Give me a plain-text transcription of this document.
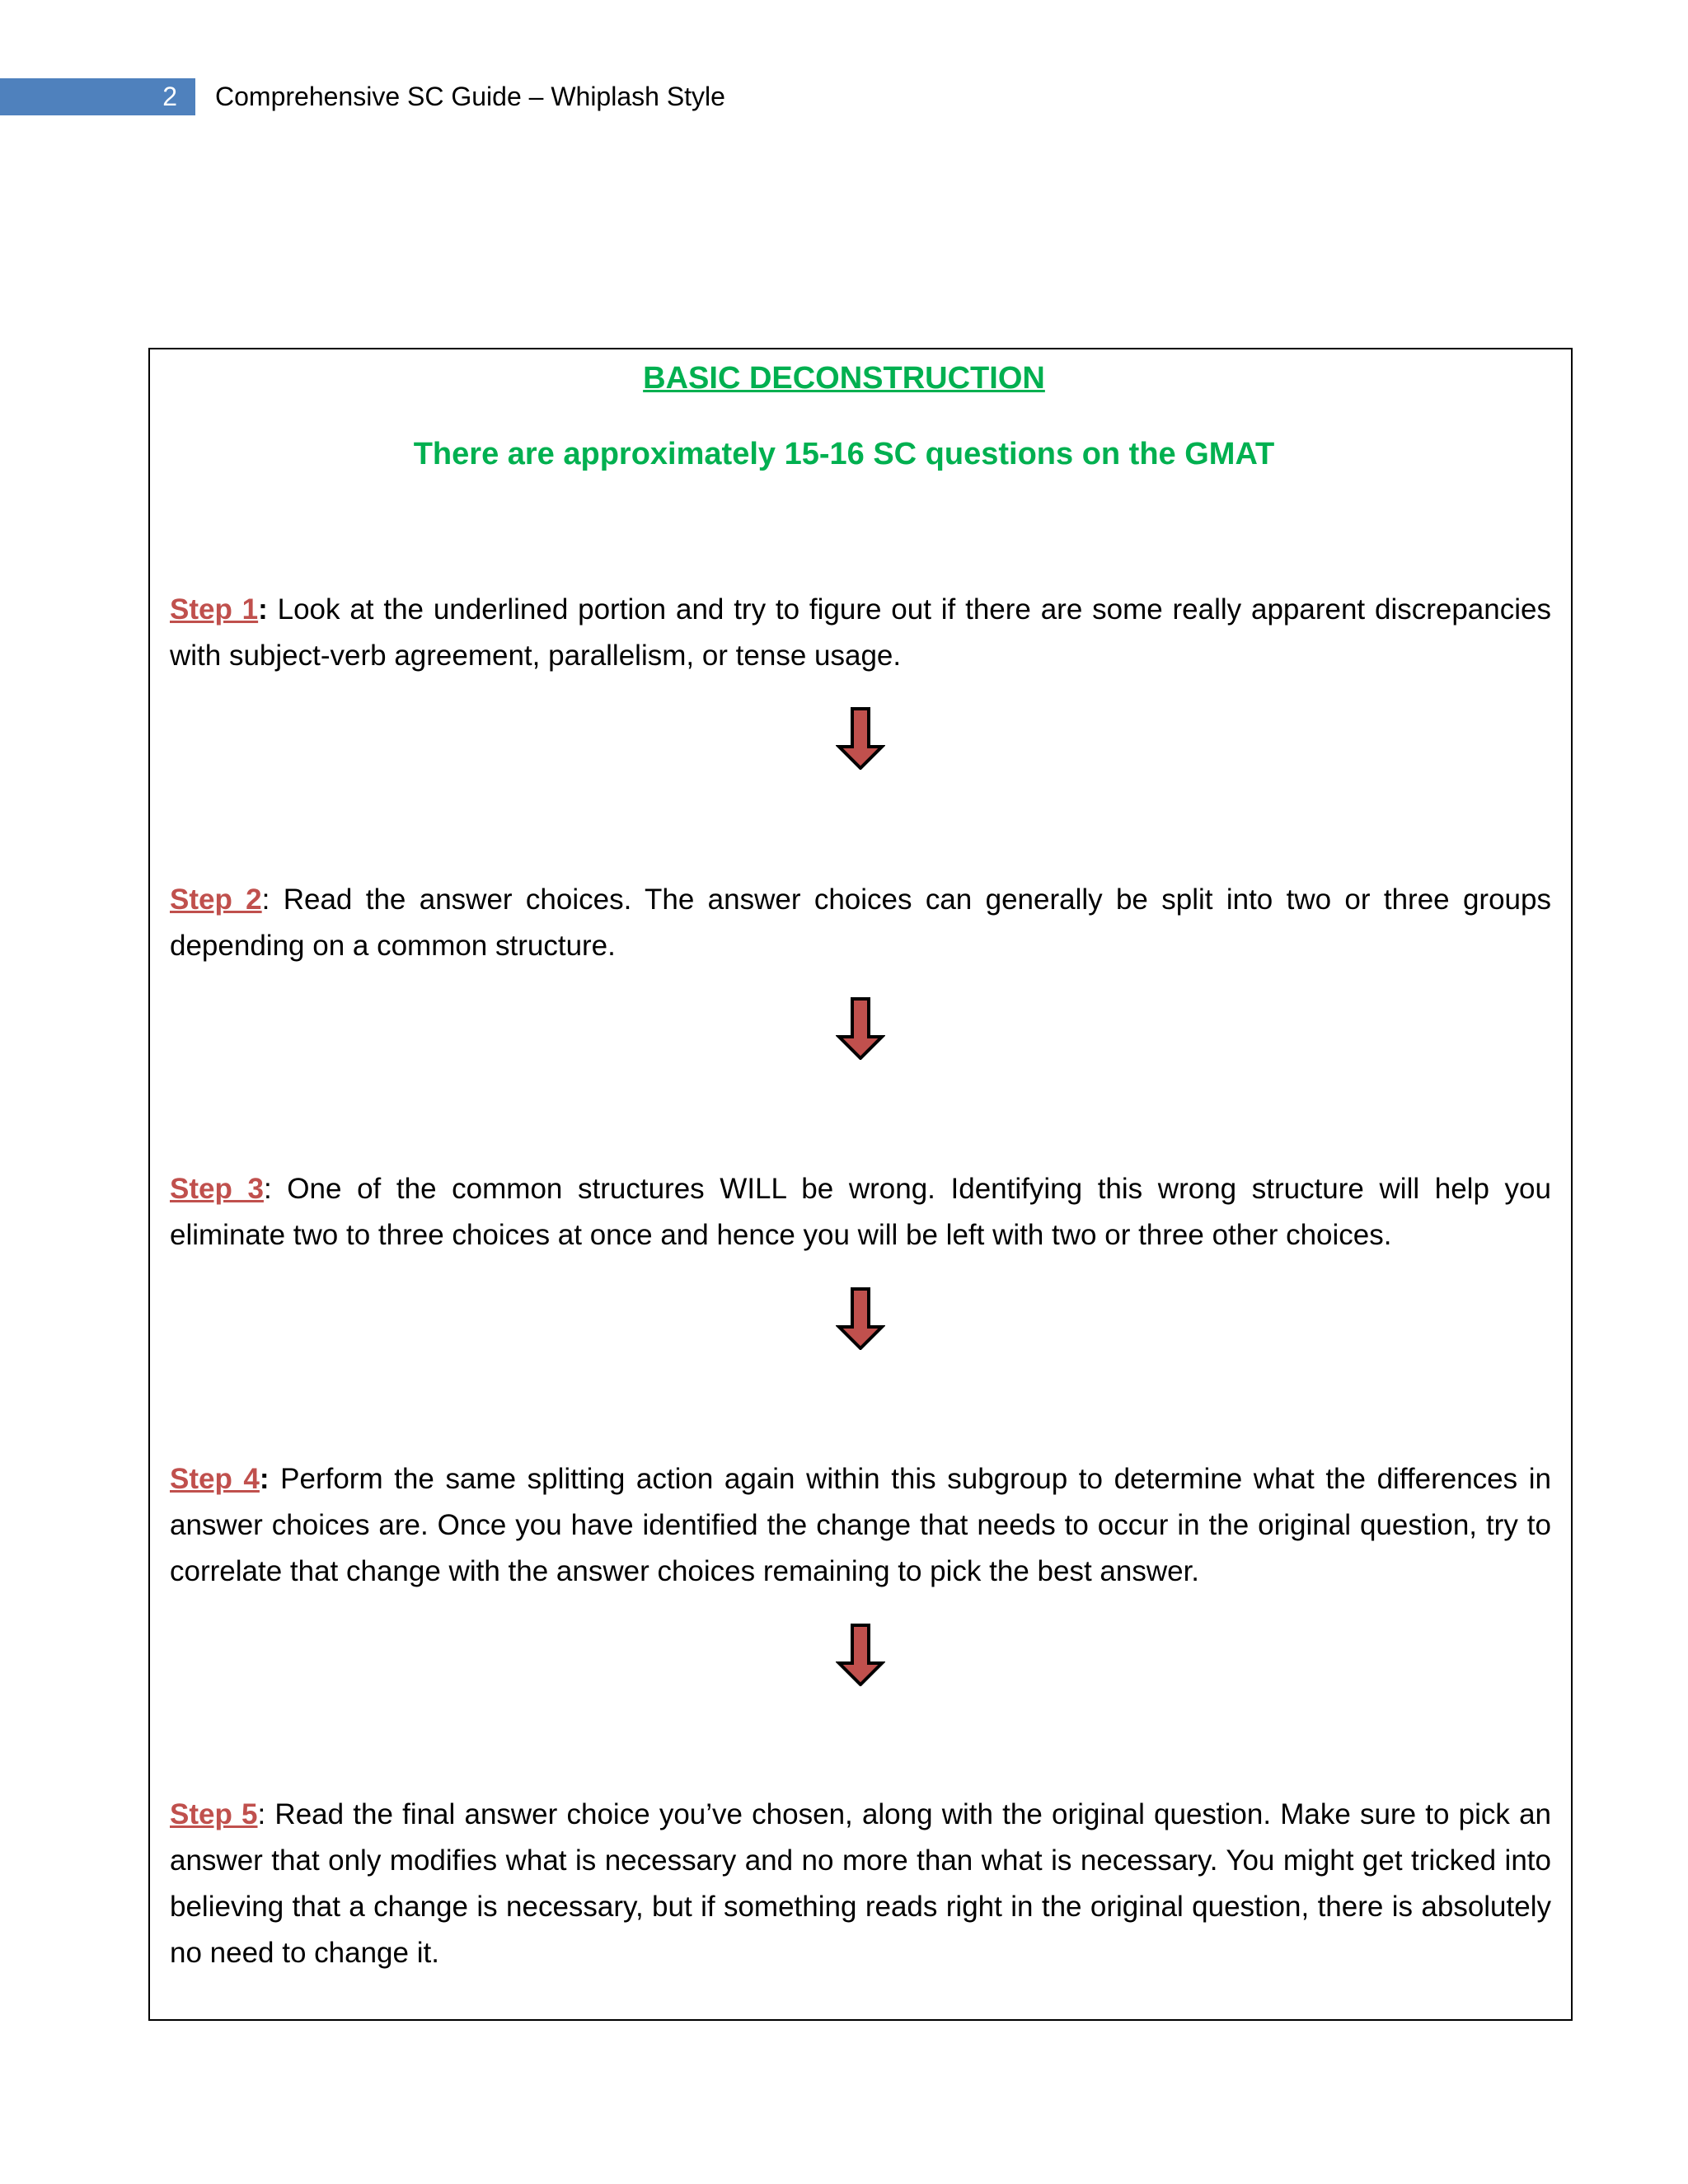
2	Comprehensive SC Guide – Whiplash Style
BASIC DECONSTRUCTION
There are approximately 15-16 SC questions on the GMAT
Step 1: Look at the underlined portion and try to figure out if there are some really apparent discrepancies with subject-verb agreement, parallelism, or tense usage.
Step 2: Read the answer choices. The answer choices can generally be split into two or three groups depending on a common structure.
Step 3: One of the common structures WILL be wrong. Identifying this wrong structure will help you eliminate two to three choices at once and hence you will be left with two or three other choices.
Step 4: Perform the same splitting action again within this subgroup to determine what the differences in answer choices are. Once you have identified the change that needs to occur in the original question, try to correlate that change with the answer choices remaining to pick the best answer.
Step 5: Read the final answer choice you’ve chosen, along with the original question. Make sure to pick an answer that only modifies what is necessary and no more than what is necessary. You might get tricked into believing that a change is necessary, but if something reads right in the original question, there is absolutely no need to change it.
